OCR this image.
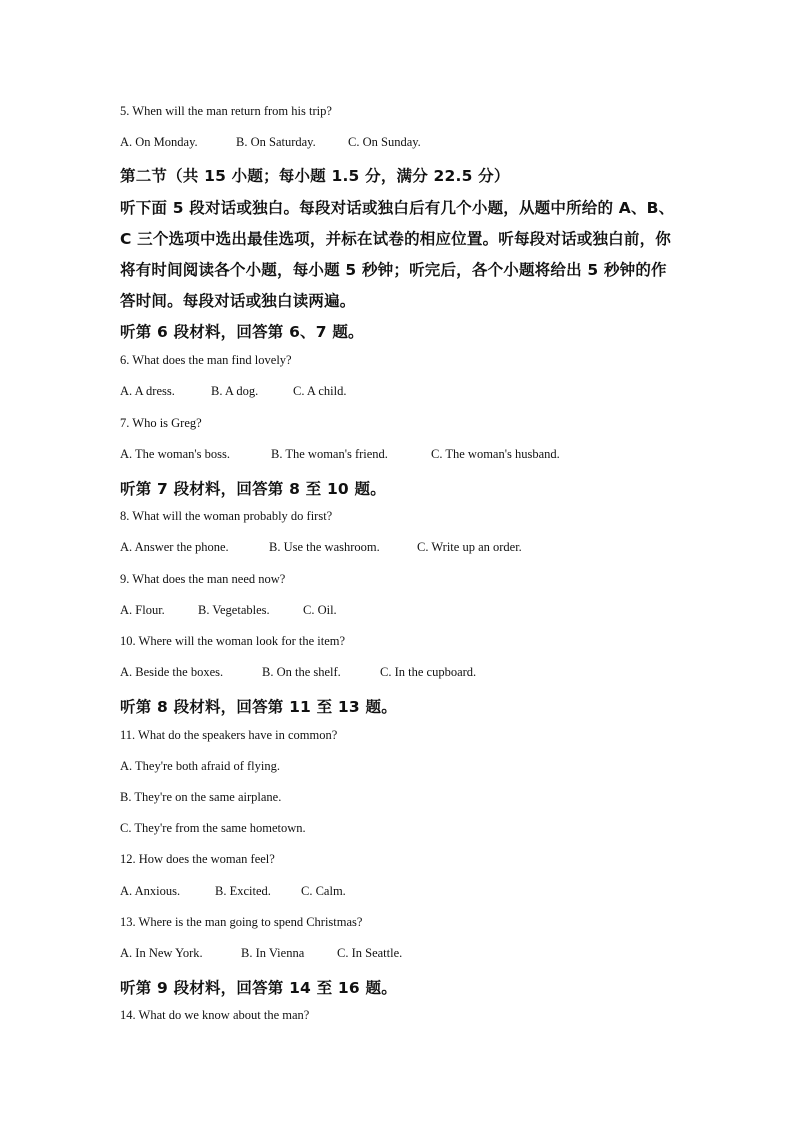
5. When will the man return from his trip?
A. On Monday.	B. On Saturday.	C. On Sunday.
第二节（共 15 小题；每小题 1.5 分，满分 22.5 分）
听下面 5 段对话或独白。每段对话或独白后有几个小题，从题中所给的 A、B、
C 三个选项中选出最佳选项，并标在试卷的相应位置。听每段对话或独白前，你
将有时间阅读各个小题，每小题 5 秒钟；听完后，各个小题将给出 5 秒钟的作
答时间。每段对话或独白读两遍。
听第 6 段材料，回答第 6、7 题。
6. What does the man find lovely?
A. A dress.	B. A dog.	C. A child.
7. Who is Greg?
A. The woman's boss.	B. The woman's friend.	C. The woman's husband.
听第 7 段材料，回答第 8 至 10 题。
8. What will the woman probably do first?
A. Answer the phone.	B. Use the washroom.	C. Write up an order.
9. What does the man need now?
A. Flour.	B. Vegetables.	C. Oil.
10. Where will the woman look for the item?
A. Beside the boxes.	B. On the shelf.	C. In the cupboard.
听第 8 段材料，回答第 11 至 13 题。
11. What do the speakers have in common?
A. They're both afraid of flying.
B. They're on the same airplane.
C. They're from the same hometown.
12. How does the woman feel?
A. Anxious.	B. Excited. C. Calm.
13. Where is the man going to spend Christmas?
A. In New York.	B. In Vienna	C. In Seattle.
听第 9 段材料，回答第 14 至 16 题。
14. What do we know about the man?
